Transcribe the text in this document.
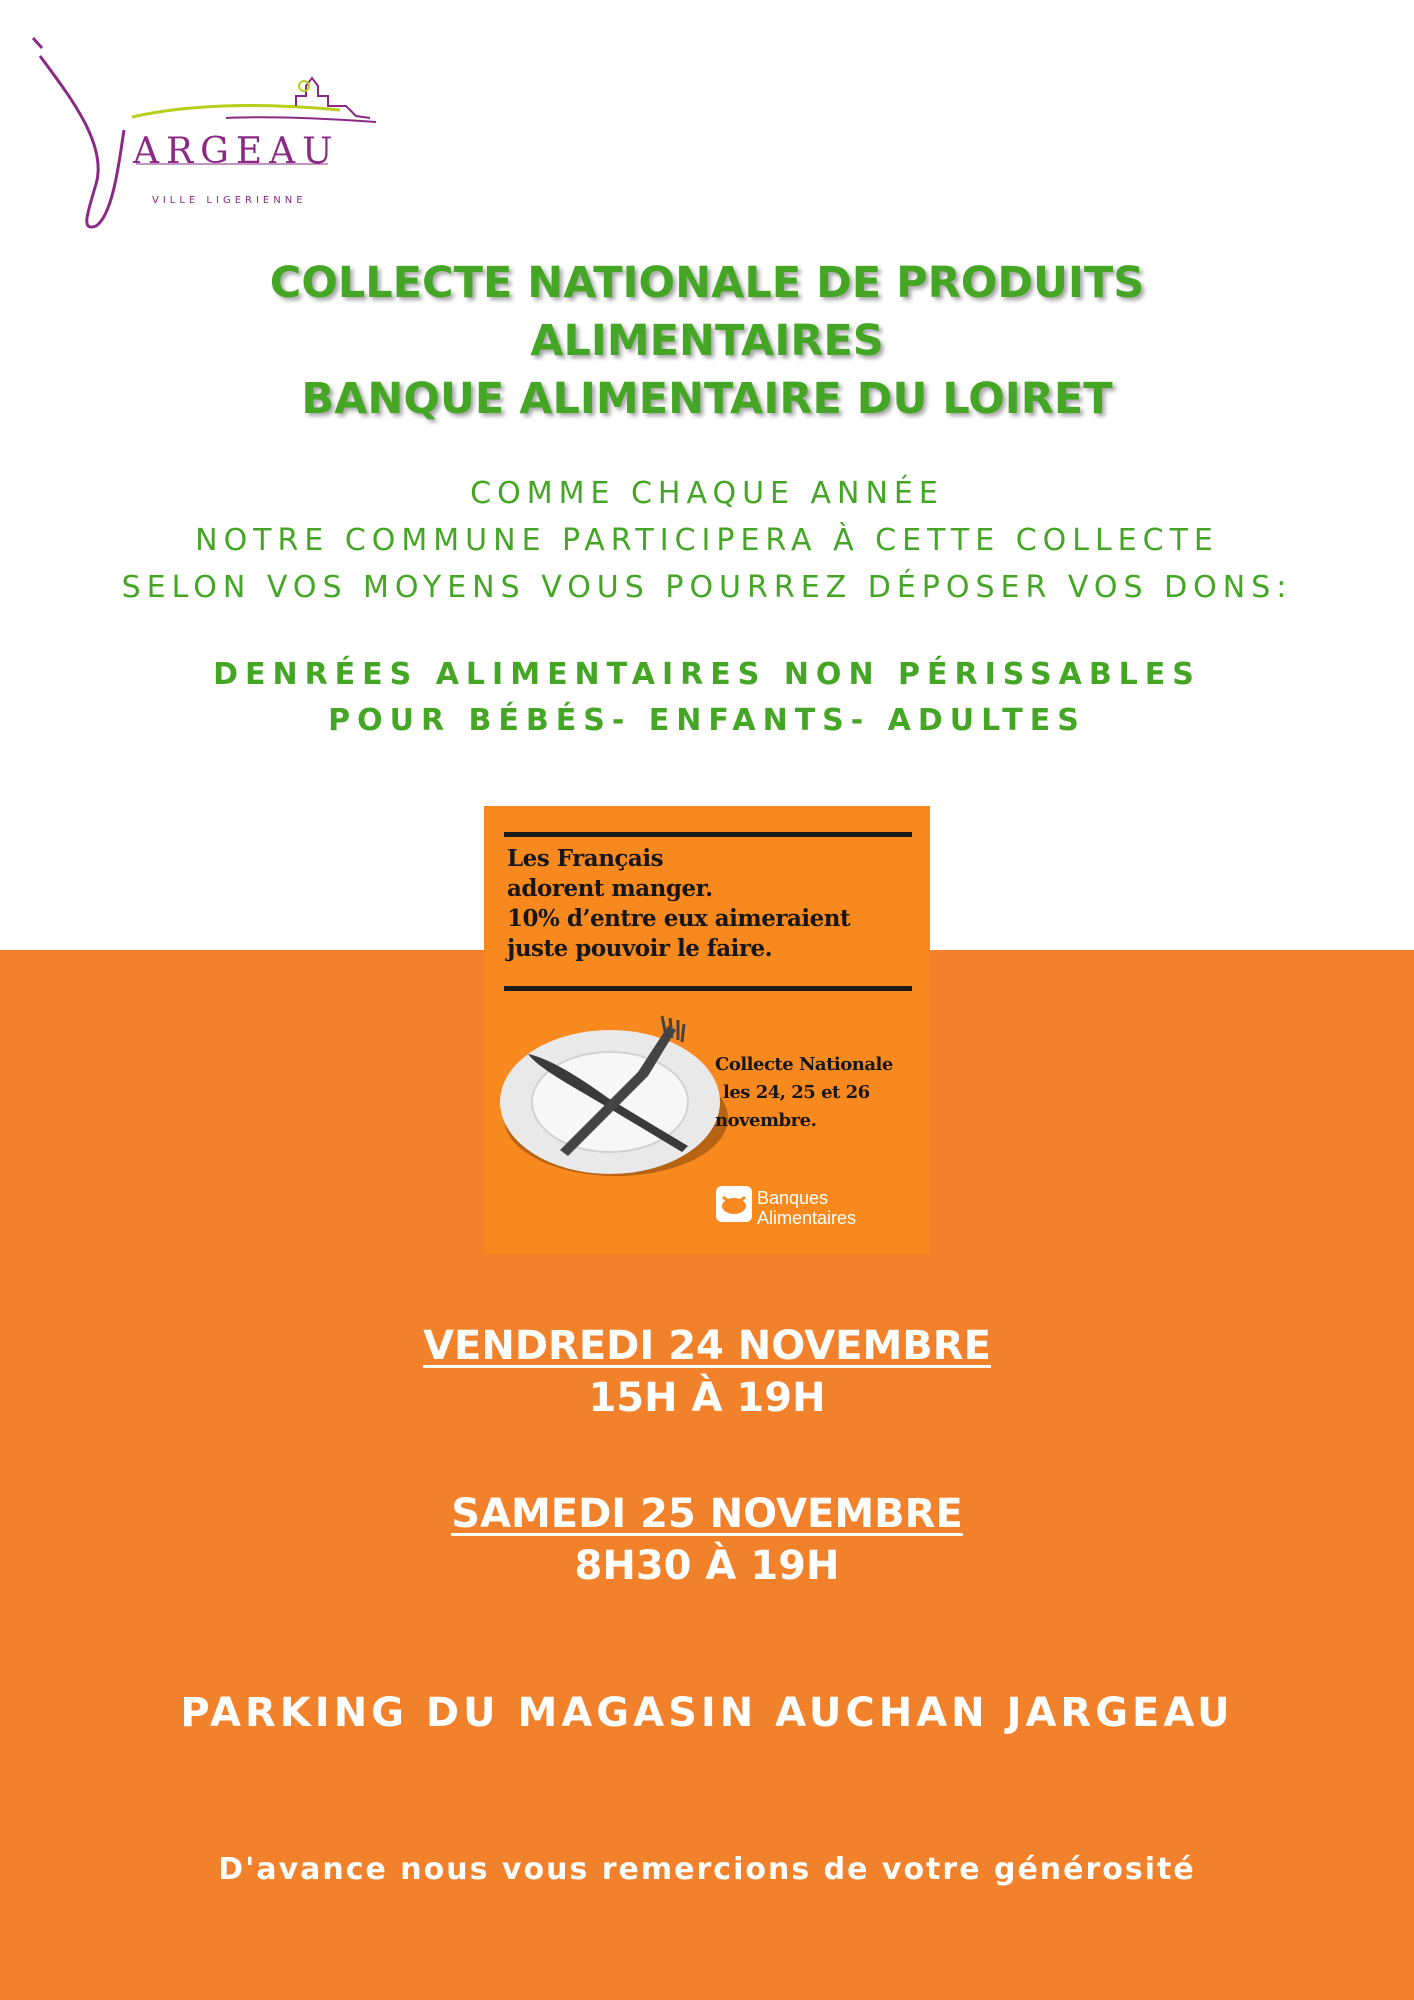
ARGEAU
VILLE LIGERIENNE
COLLECTE NATIONALE DE PRODUITS
ALIMENTAIRES
BANQUE ALIMENTAIRE DU LOIRET
COMME CHAQUE ANNÉE
NOTRE COMMUNE PARTICIPERA À CETTE COLLECTE
SELON VOS MOYENS VOUS POURREZ DÉPOSER VOS DONS:
DENRÉES ALIMENTAIRES NON PÉRISSABLES
POUR BÉBÉS- ENFANTS- ADULTES
Les Français
adorent manger.
10% d’entre eux aimeraient
juste pouvoir le faire.
Collecte Nationale
les 24, 25 et 26
novembre.
Banques
Alimentaires
VENDREDI 24 NOVEMBRE
15H À 19H
SAMEDI 25 NOVEMBRE
8H30 À 19H
PARKING DU MAGASIN AUCHAN JARGEAU
D'avance nous vous remercions de votre générosité
